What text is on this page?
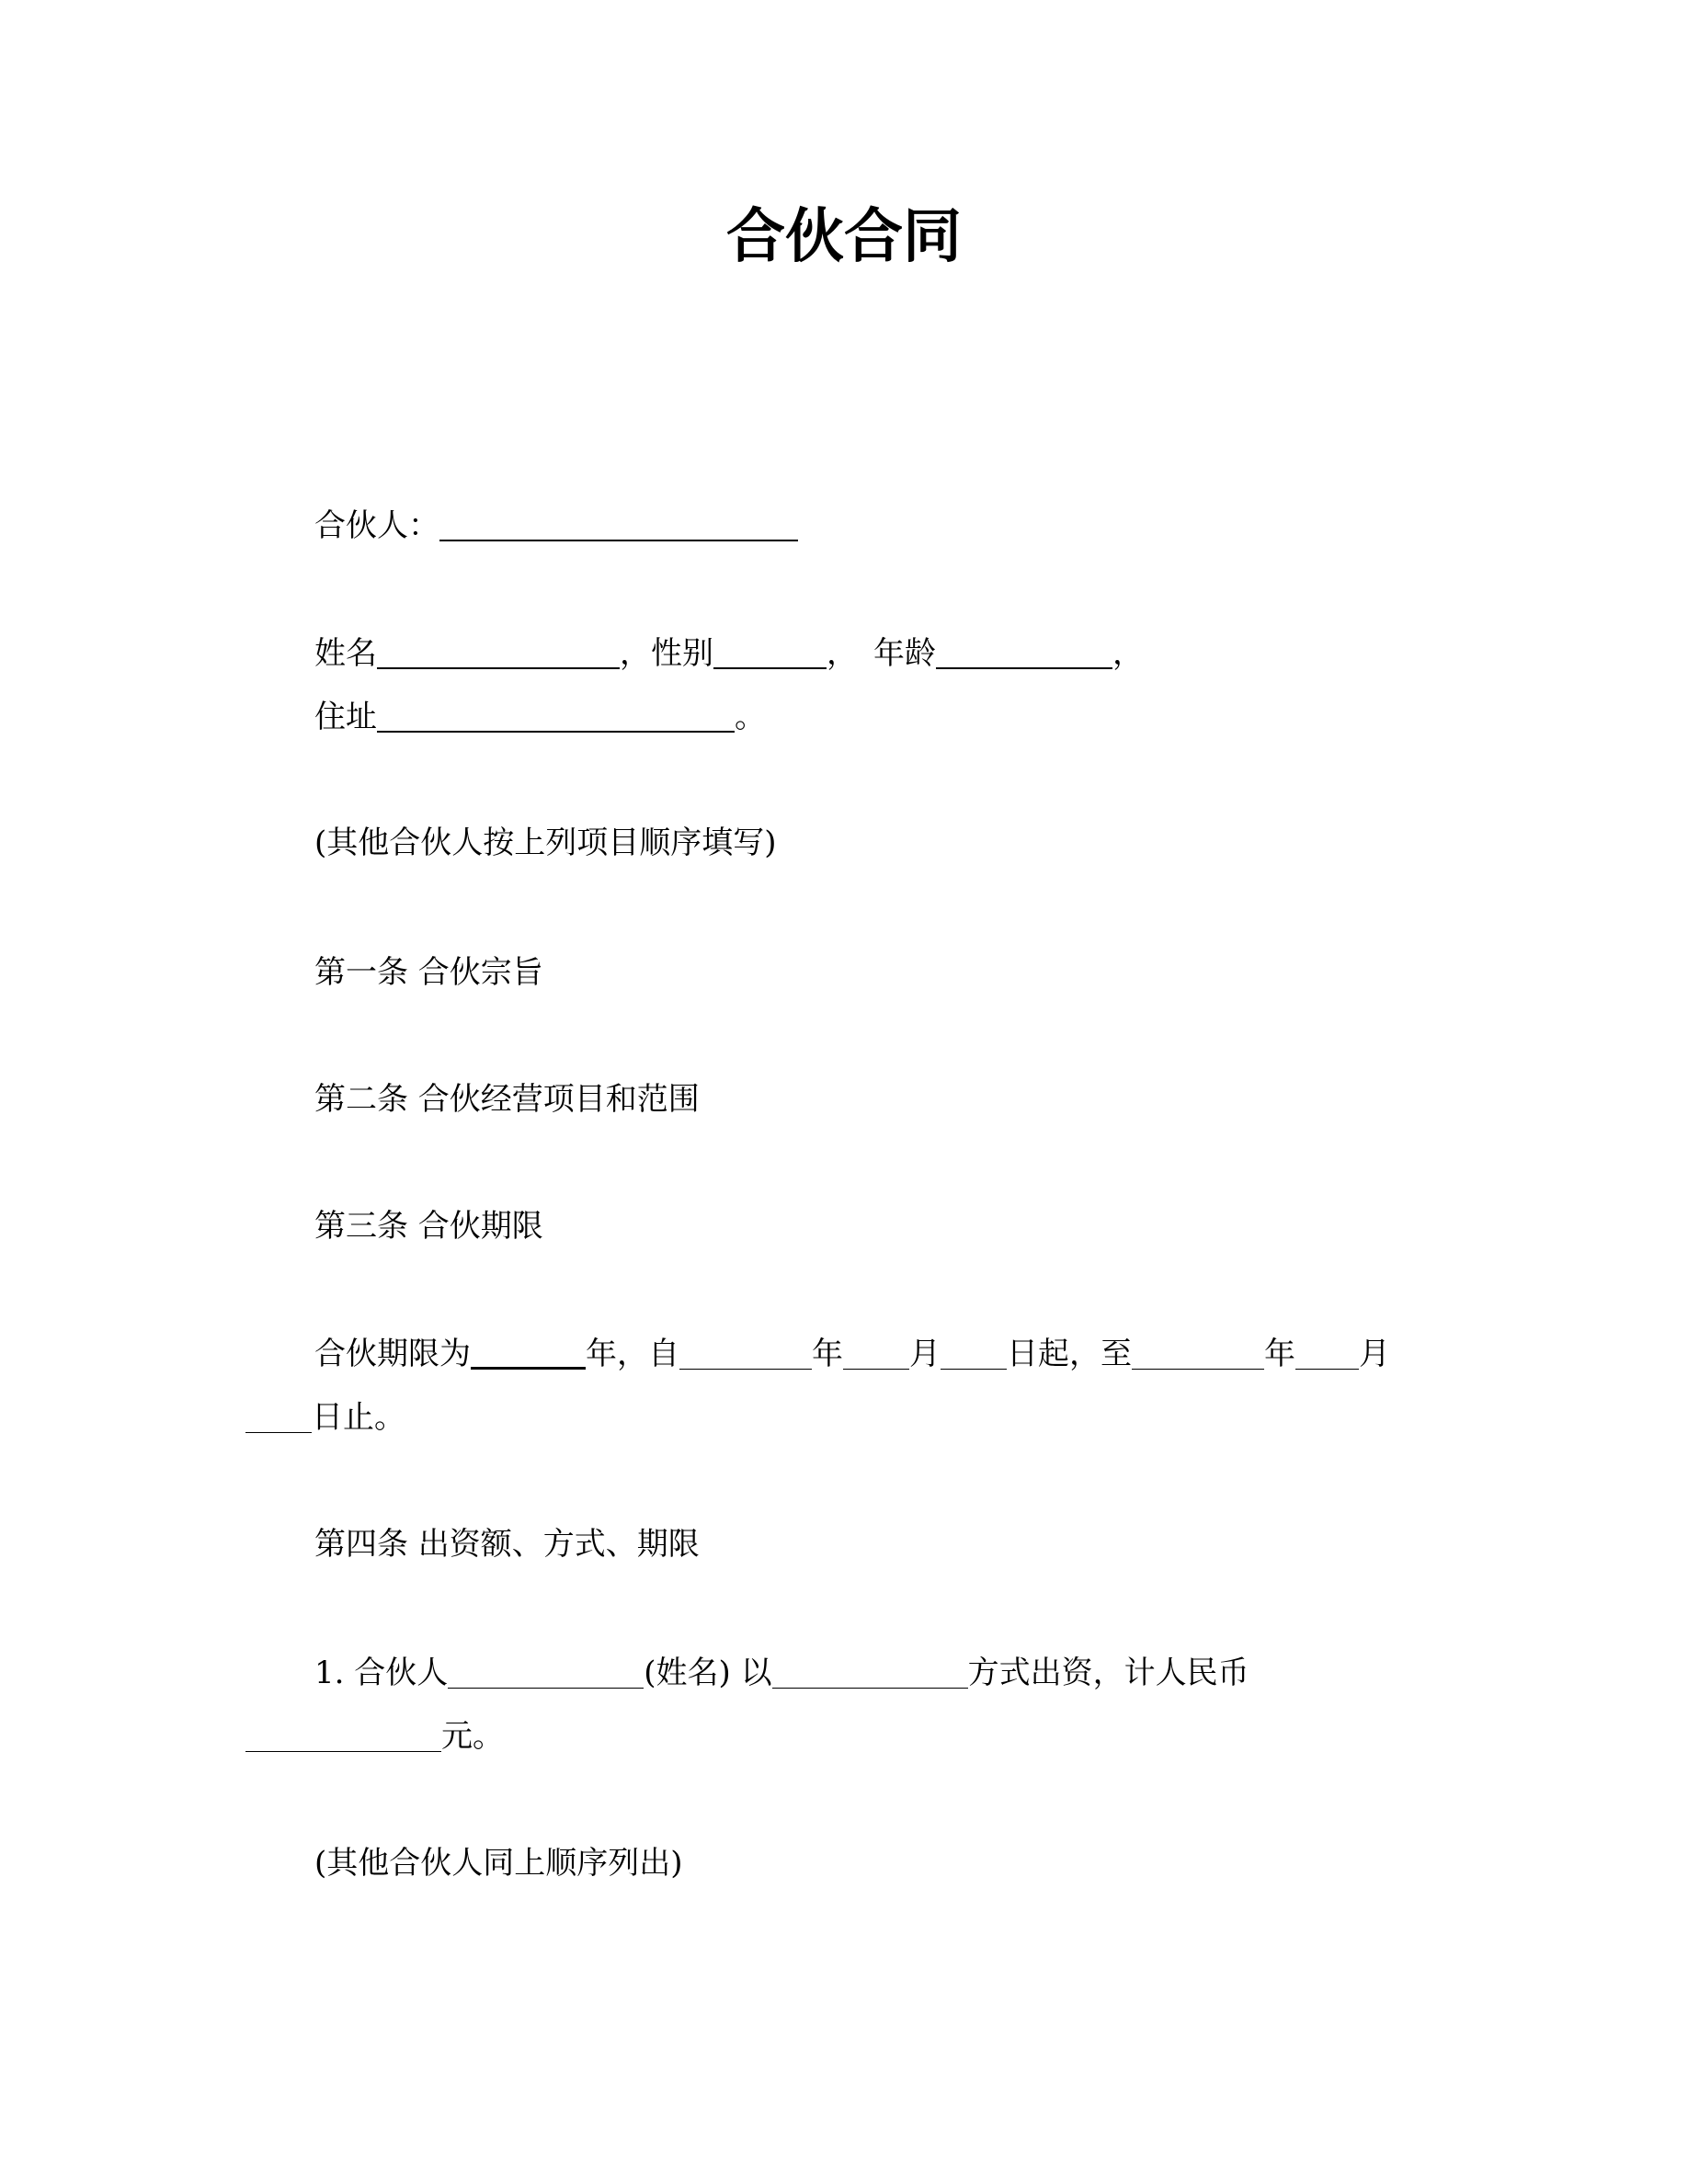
合伙合同
合伙人：
姓名	，性别	，　年龄	，
住址	。
(其他合伙人按上列项目顺序填写)
第一条 合伙宗旨
第二条 合伙经营项目和范围
第三条 合伙期限
合伙期限为	年，自	年 月 日起，至	年 月
日止。
第四条 出资额、方式、期限
1. 合伙人	(姓名) 以	方式出资，计人民币
元。
(其他合伙人同上顺序列出)
